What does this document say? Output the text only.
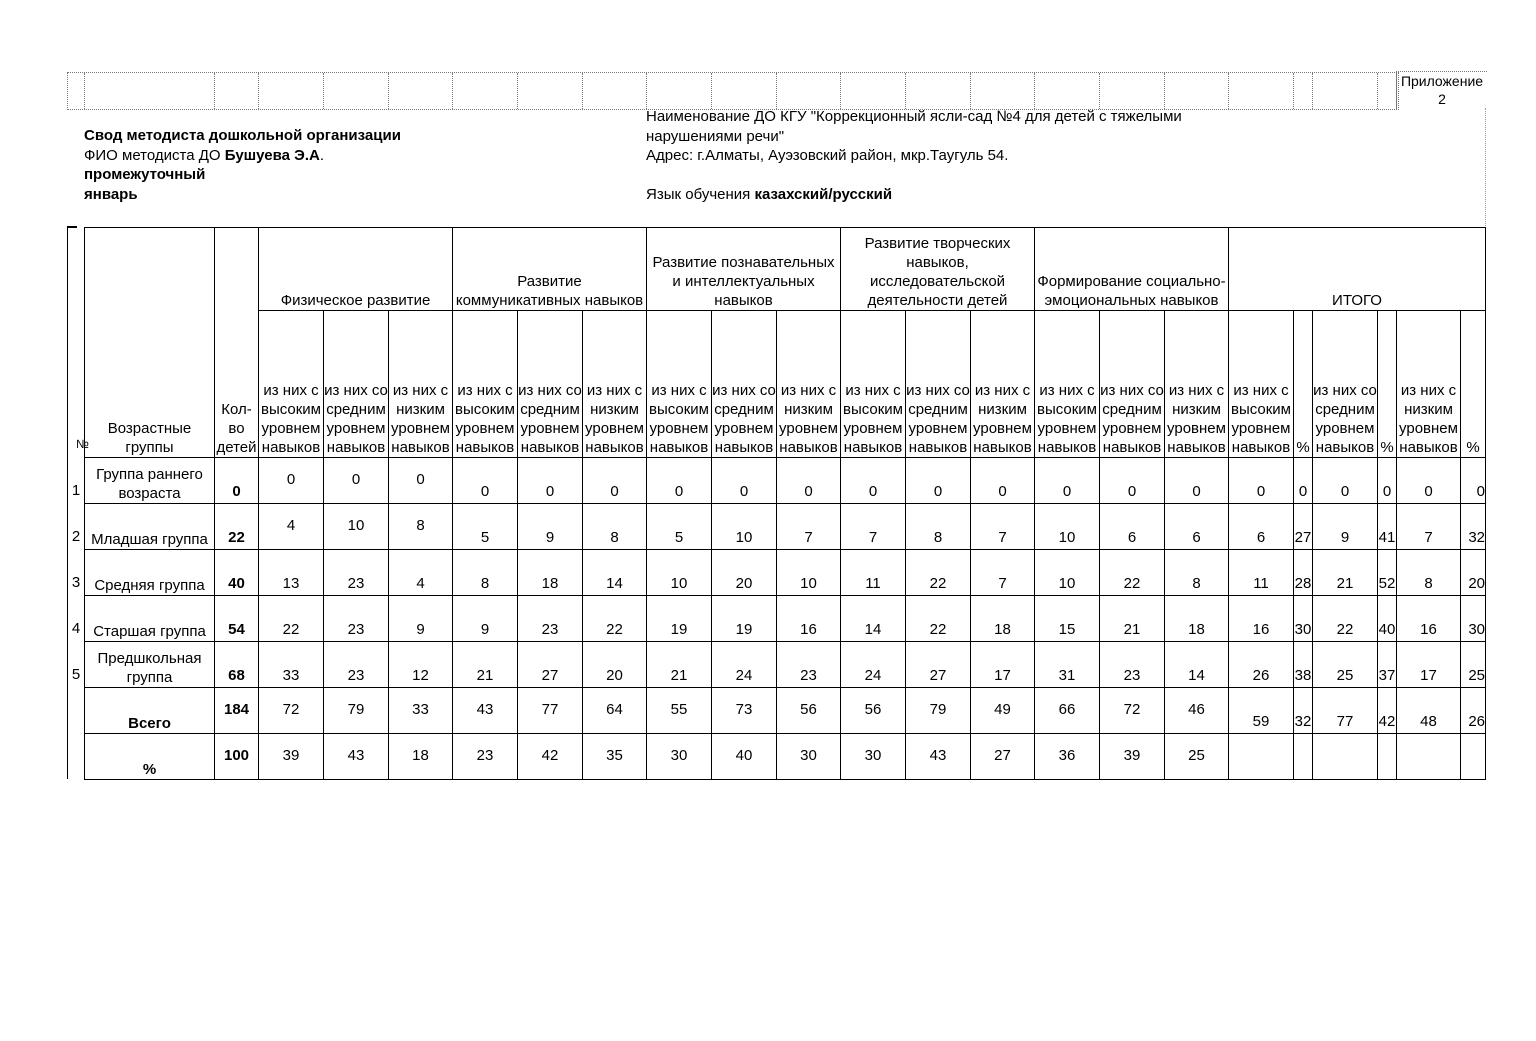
Приложение 2
Свод методиста дошкольной организации
ФИО методиста ДО Бушуева Э.А.
промежуточный
январь
Наименование ДО КГУ "Коррекционный ясли-сад №4 для детей с тяжелыми
нарушениями речи"
Адрес: г.Алматы, Ауэзовский район, мкр.Таугуль 54.

Язык обучения казахский/русский
№
1
2
3
4
5
Возрастные группы	Кол-во детей	Физическое развитие			Развитие коммуникативных навыков			Развитие познавательных и интеллектуальных навыков			Развитие творческих навыков, исследовательской деятельности детей			Формирование социально-эмоциональных навыков			ИТОГО					
		из них с высоким уровнем навыков	из них со средним уровнем навыков	из них с низким уровнем навыков	из них с высоким уровнем навыков	из них со средним уровнем навыков	из них с низким уровнем навыков	из них с высоким уровнем навыков	из них со средним уровнем навыков	из них с низким уровнем навыков	из них с высоким уровнем навыков	из них со средним уровнем навыков	из них с низким уровнем навыков	из них с высоким уровнем навыков	из них со средним уровнем навыков	из них с низким уровнем навыков	из них с высоким уровнем навыков	%	из них со средним уровнем навыков	%	из них с низким уровнем навыков	%
Группа раннего возраста	0	0	0	0	0	0	0	0	0	0	0	0	0	0	0	0	0	0	0	0	0	0
Младшая группа	22	4	10	8	5	9	8	5	10	7	7	8	7	10	6	6	6	27	9	41	7	32
Средняя группа	40	13	23	4	8	18	14	10	20	10	11	22	7	10	22	8	11	28	21	52	8	20
Старшая группа	54	22	23	9	9	23	22	19	19	16	14	22	18	15	21	18	16	30	22	40	16	30
Предшкольная группа	68	33	23	12	21	27	20	21	24	23	24	27	17	31	23	14	26	38	25	37	17	25
Всего	184	72	79	33	43	77	64	55	73	56	56	79	49	66	72	46	59	32	77	42	48	26
%	100	39	43	18	23	42	35	30	40	30	30	43	27	36	39	25						
